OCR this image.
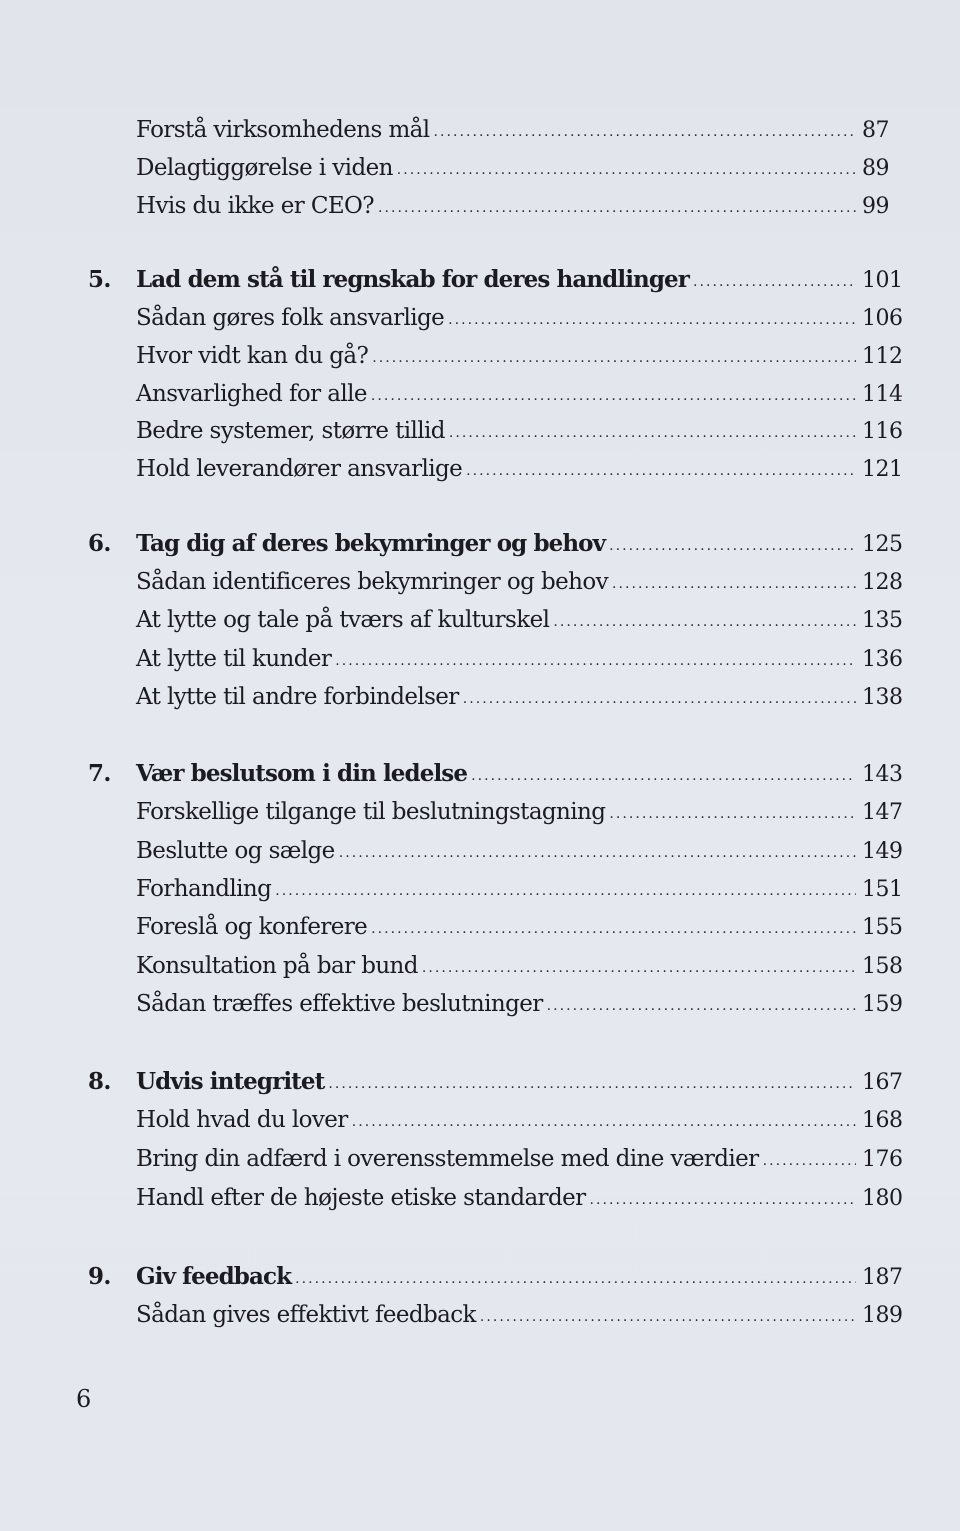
Forstå virksomhedens mål . . .	87
Delagtiggørelse i viden . . .	89
Hvis du ikke er CEO? . . .	99
5.	Lad dem stå til regnskab for deres handlinger . . .	101
Sådan gøres folk ansvarlige . . .	106
Hvor vidt kan du gå? . . .	112
Ansvarlighed for alle . . .	114
Bedre systemer, større tillid . . .	116
Hold leverandører ansvarlige . . .	121
6.	Tag dig af deres bekymringer og behov . . .	125
Sådan identificeres bekymringer og behov . . .	128
At lytte og tale på tværs af kulturskel . . .	135
At lytte til kunder . . .	136
At lytte til andre forbindelser . . .	138
7.	Vær beslutsom i din ledelse . . .	143
Forskellige tilgange til beslutningstagning . . .	147
Beslutte og sælge . . .	149
Forhandling . . .	151
Foreslå og konferere . . .	155
Konsultation på bar bund . . .	158
Sådan træffes effektive beslutninger . . .	159
8.	Udvis integritet . . .	167
Hold hvad du lover . . .	168
Bring din adfærd i overensstemmelse med dine værdier . . .	176
Handl efter de højeste etiske standarder . . .	180
9.	Giv feedback . . .	187
Sådan gives effektivt feedback . . .	189
6
